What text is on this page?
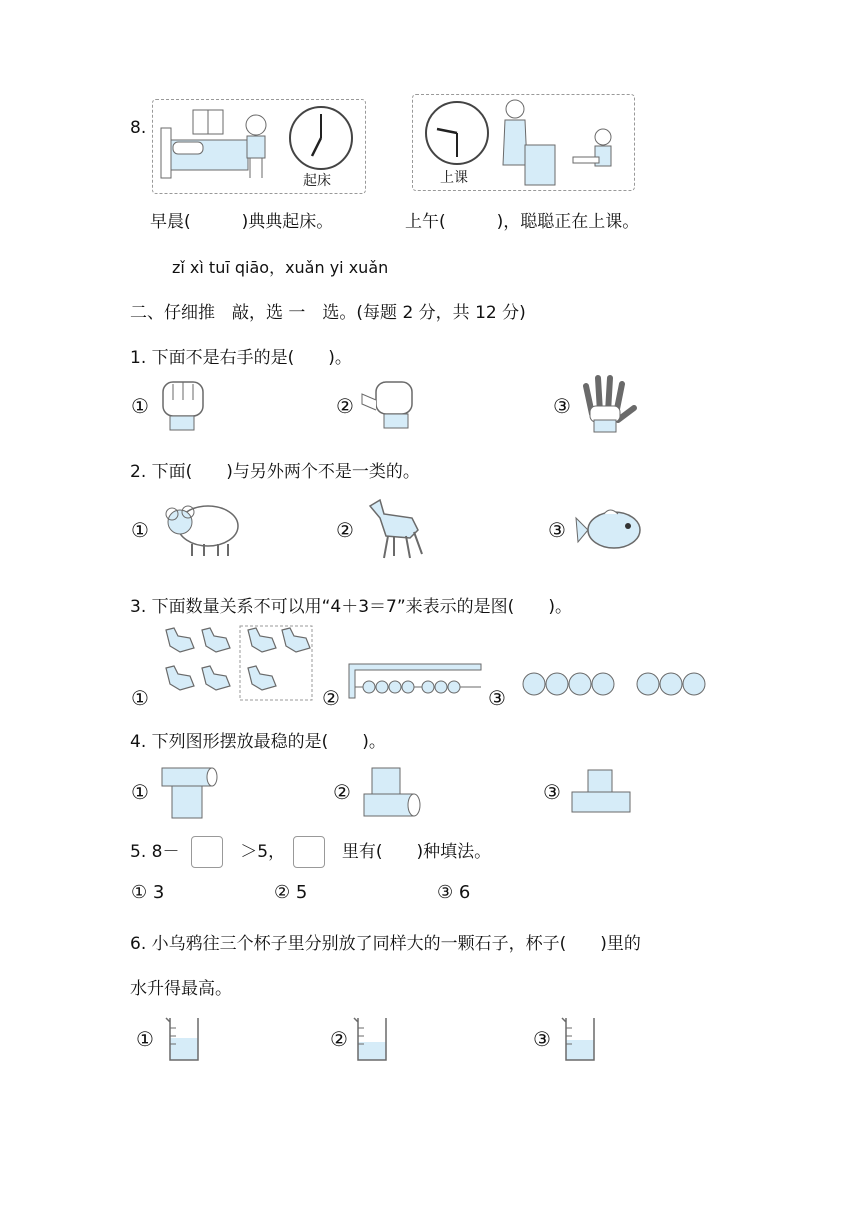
8.
起床	上课
早晨(　　　)典典起床。	上午(　　　)，聪聪正在上课。
zǐ xì tuī qiāo，xuǎn yi xuǎn
二、仔细推　敲，选 一　选。(每题 2 分，共 12 分)
1. 下面不是右手的是(　　)。
①	②	③
2. 下面(　　)与另外两个不是一类的。
①	②	③
3. 下面数量关系不可以用“4＋3＝7”来表示的是图(　　)。
①	②	③
4. 下列图形摆放最稳的是(　　)。
①	②	③
5. 8－	＞5，	里有(　　)种填法。
① 3	② 5	③ 6
6. 小乌鸦往三个杯子里分别放了同样大的一颗石子，杯子(　　)里的
水升得最高。
①	②	③
